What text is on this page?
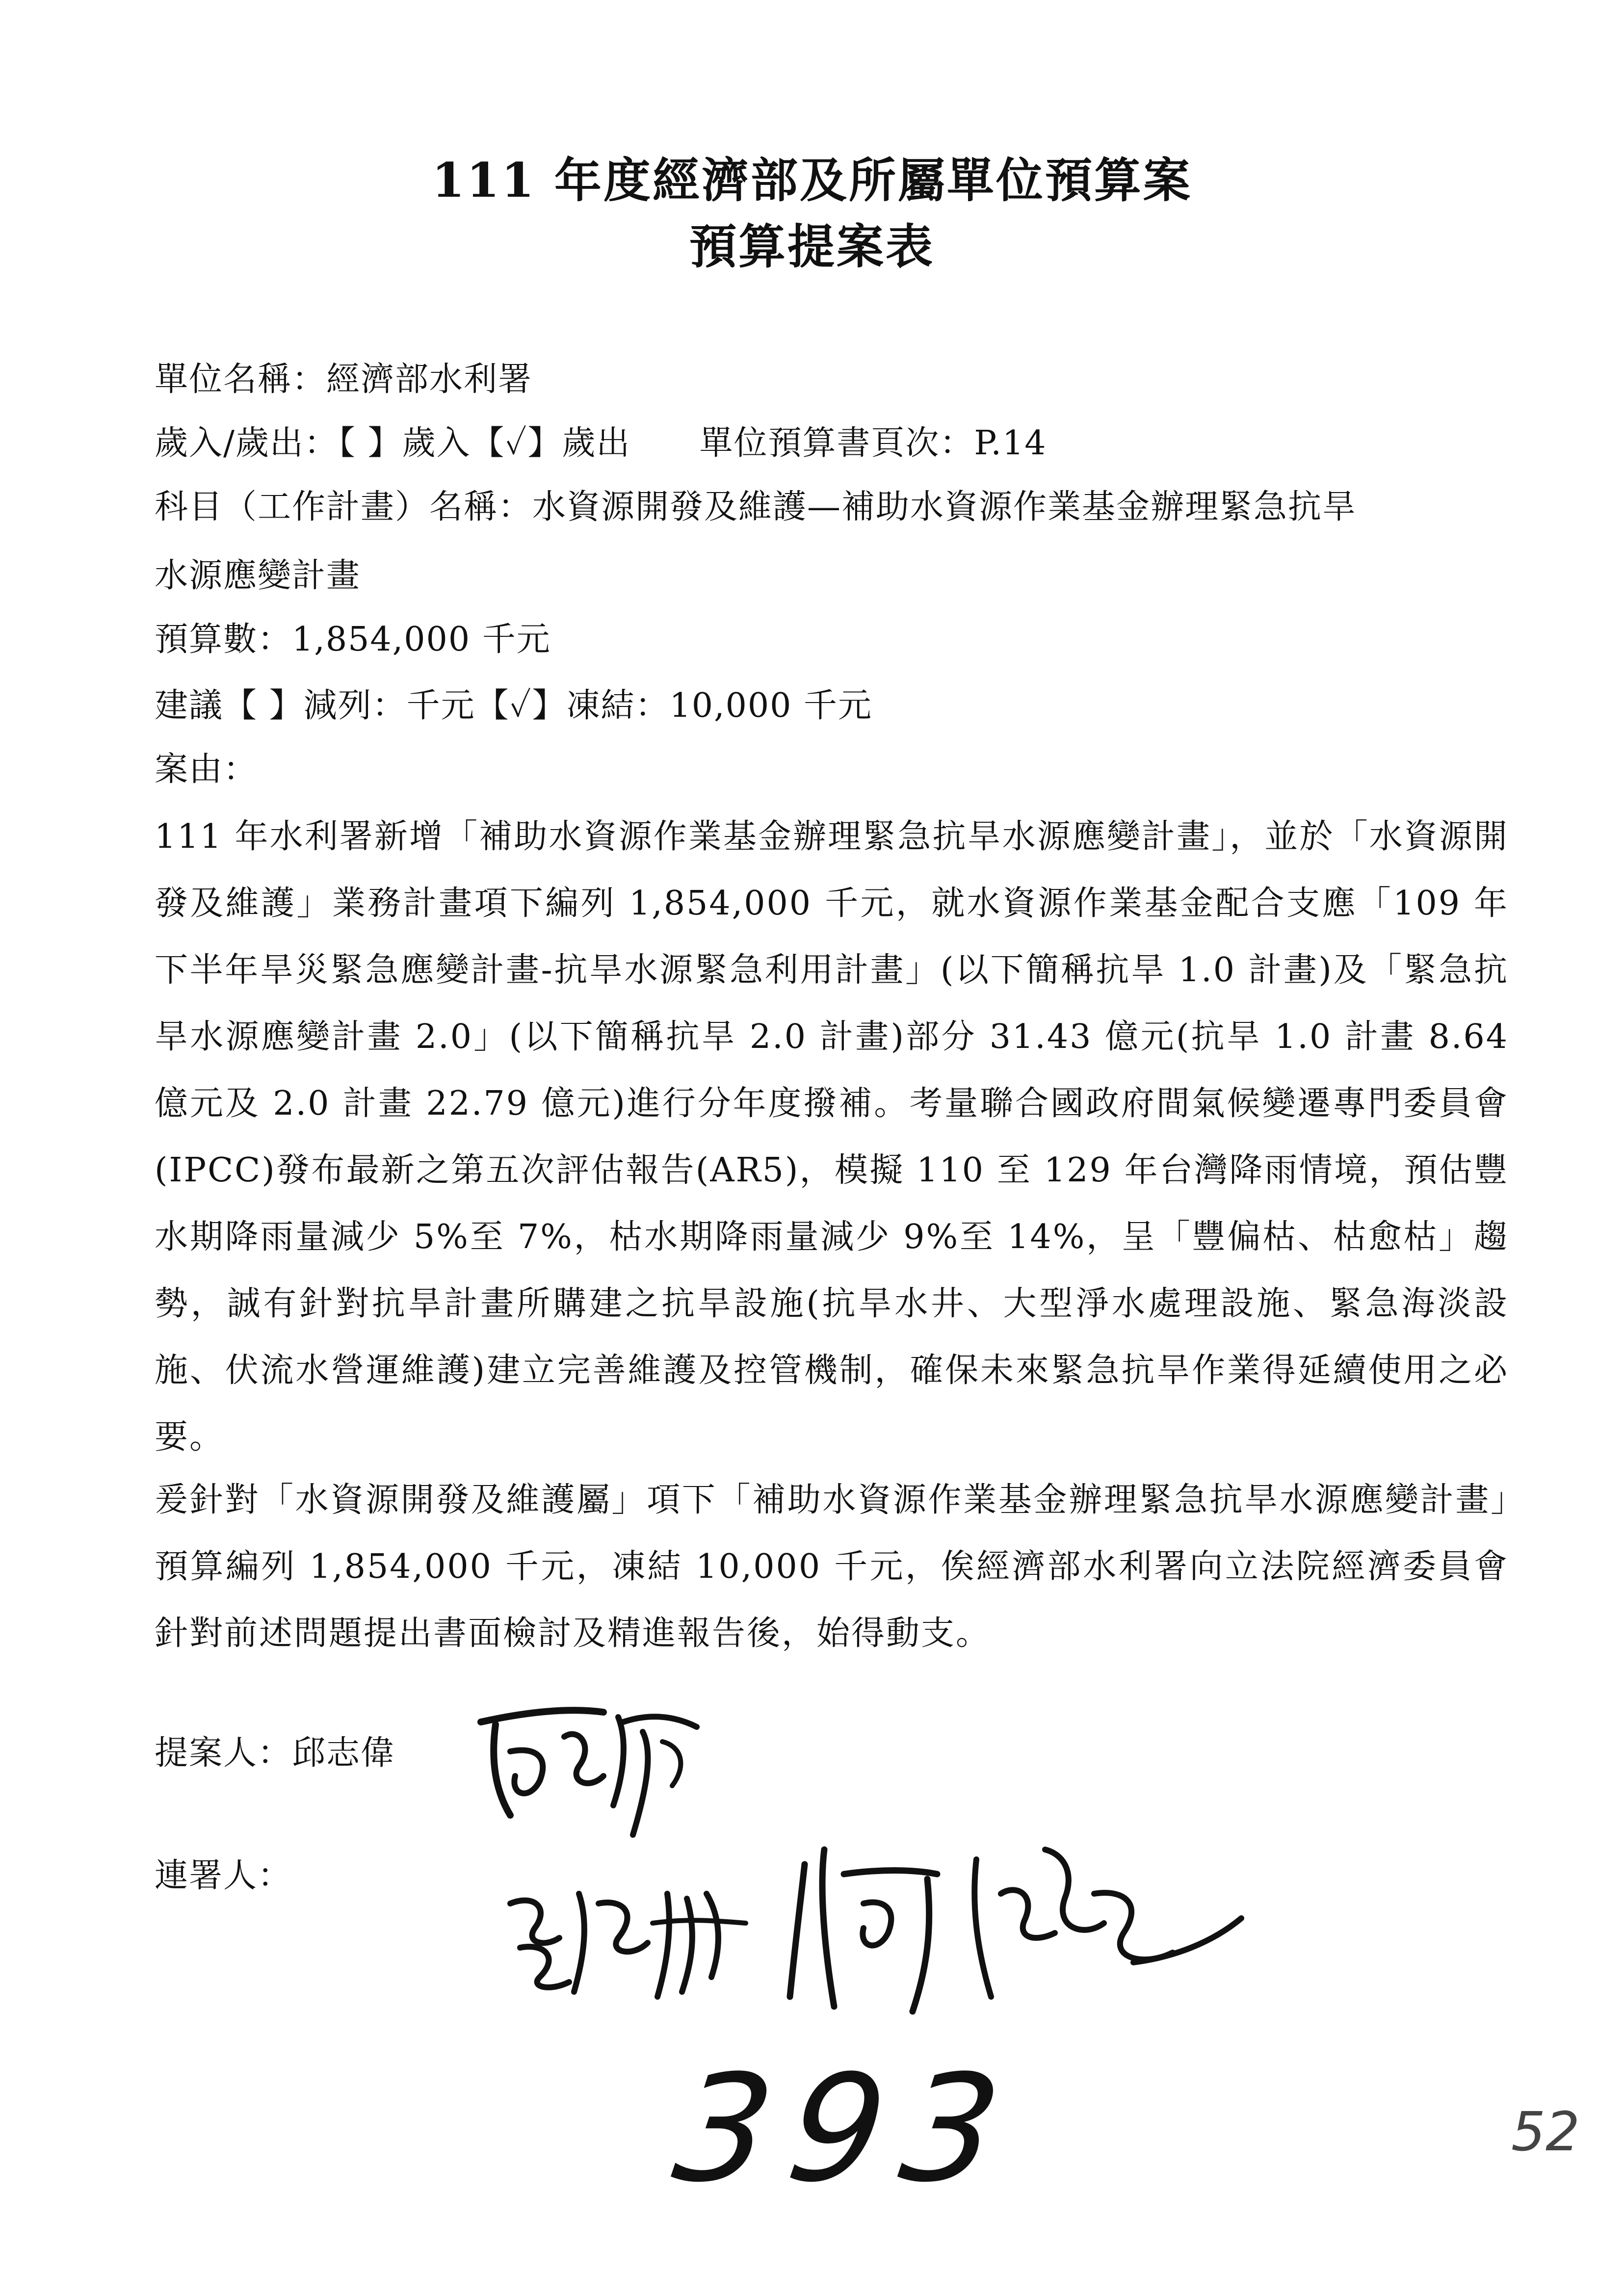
111 年度經濟部及所屬單位預算案
預算提案表
單位名稱：經濟部水利署
歲入/歲出：【 】歲入【✓】歲出 單位預算書頁次：P.14
科目（工作計畫）名稱：水資源開發及維護—補助水資源作業基金辦理緊急抗旱
水源應變計畫
預算數：1,854,000 千元
建議【 】減列：千元【✓】凍結：10,000 千元
案由：
111 年水利署新增「補助水資源作業基金辦理緊急抗旱水源應變計畫」，並於「水資源開發及維護」業務計畫項下編列 1,854,000 千元，就水資源作業基金配合支應「109 年下半年旱災緊急應變計畫-抗旱水源緊急利用計畫」(以下簡稱抗旱 1.0 計畫)及「緊急抗旱水源應變計畫 2.0」(以下簡稱抗旱 2.0 計畫)部分 31.43 億元(抗旱 1.0 計畫 8.64 億元及 2.0 計畫 22.79 億元)進行分年度撥補。考量聯合國政府間氣候變遷專門委員會(IPCC)發布最新之第五次評估報告(AR5)，模擬 110 至 129 年台灣降雨情境，預估豐水期降雨量減少 5%至 7%，枯水期降雨量減少 9%至 14%，呈「豐偏枯、枯愈枯」趨勢，誠有針對抗旱計畫所購建之抗旱設施(抗旱水井、大型淨水處理設施、緊急海淡設施、伏流水營運維護)建立完善維護及控管機制，確保未來緊急抗旱作業得延續使用之必要。
爰針對「水資源開發及維護屬」項下「補助水資源作業基金辦理緊急抗旱水源應變計畫」預算編列 1,854,000 千元，凍結 10,000 千元，俟經濟部水利署向立法院經濟委員會針對前述問題提出書面檢討及精進報告後，始得動支。
提案人：邱志偉
連署人：
393	52
